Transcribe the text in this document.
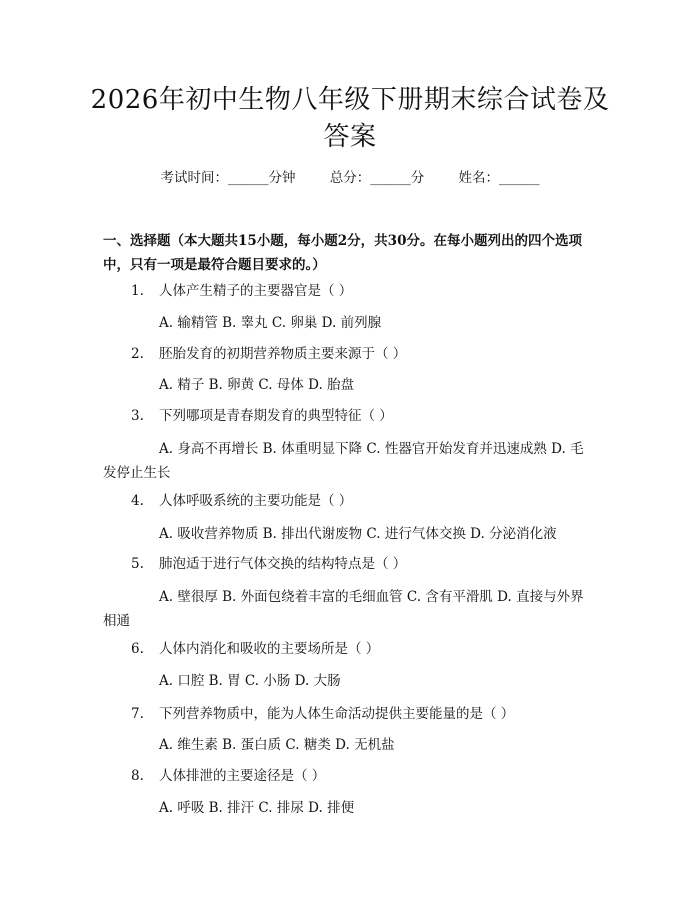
2026年初中生物八年级下册期末综合试卷及答案
考试时间：______分钟	总分：______分	姓名：______
一、选择题（本大题共15小题，每小题2分，共30分。在每小题列出的四个选项中，只有一项是最符合题目要求的。）
1. 人体产生精子的主要器官是（ ）
A. 输精管 B. 睾丸 C. 卵巢 D. 前列腺
2. 胚胎发育的初期营养物质主要来源于（ ）
A. 精子 B. 卵黄 C. 母体 D. 胎盘
3. 下列哪项是青春期发育的典型特征（ ）
A. 身高不再增长 B. 体重明显下降 C. 性器官开始发育并迅速成熟 D. 毛发停止生长
4. 人体呼吸系统的主要功能是（ ）
A. 吸收营养物质 B. 排出代谢废物 C. 进行气体交换 D. 分泌消化液
5. 肺泡适于进行气体交换的结构特点是（ ）
A. 壁很厚 B. 外面包绕着丰富的毛细血管 C. 含有平滑肌 D. 直接与外界相通
6. 人体内消化和吸收的主要场所是（ ）
A. 口腔 B. 胃 C. 小肠 D. 大肠
7. 下列营养物质中，能为人体生命活动提供主要能量的是（ ）
A. 维生素 B. 蛋白质 C. 糖类 D. 无机盐
8. 人体排泄的主要途径是（ ）
A. 呼吸 B. 排汗 C. 排尿 D. 排便
